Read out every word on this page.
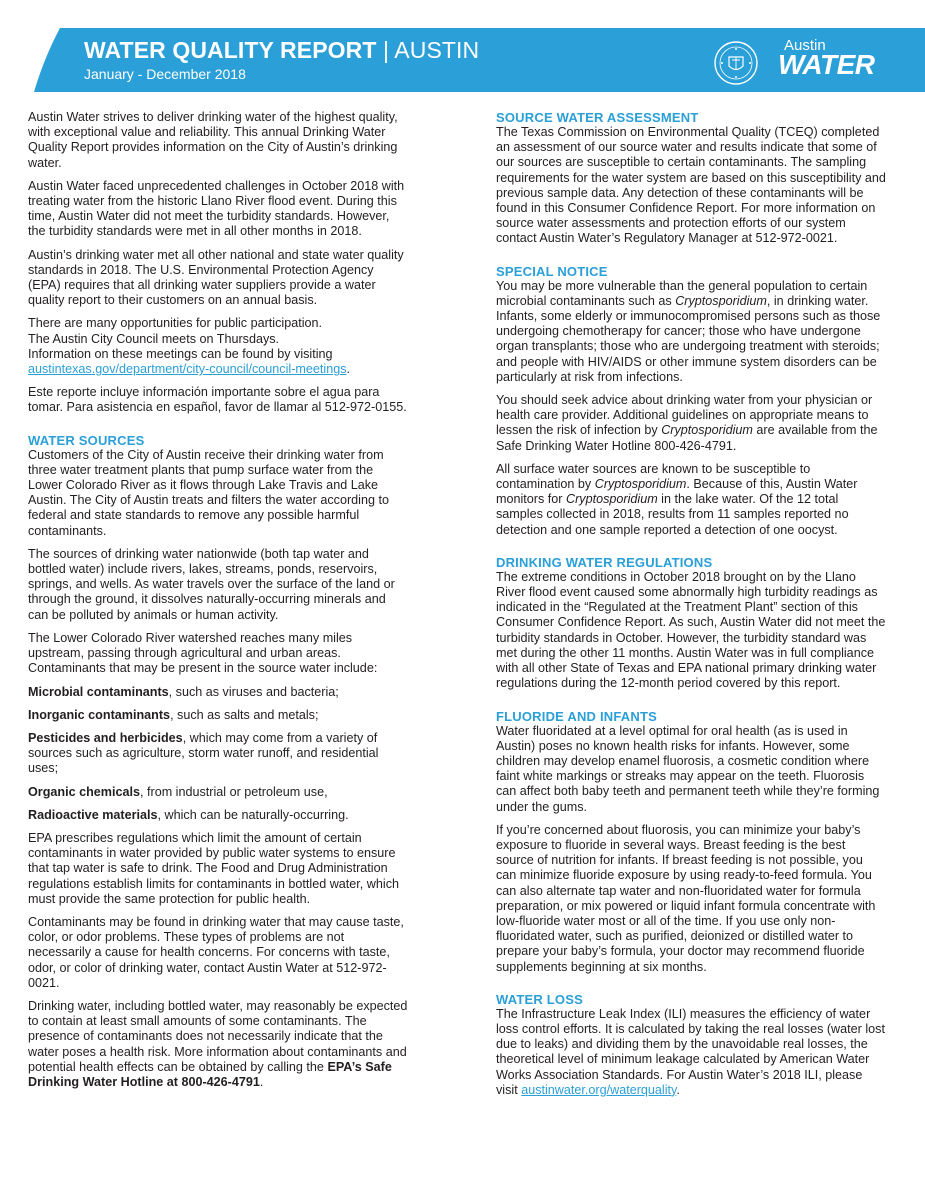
WATER QUALITY REPORT | AUSTIN
January - December 2018
Austin
WATER

Austin Water strives to deliver drinking water of the highest quality, with exceptional value and reliability. This annual Drinking Water Quality Report provides information on the City of Austin’s drinking water.

Austin Water faced unprecedented challenges in October 2018 with treating water from the historic Llano River flood event. During this time, Austin Water did not meet the turbidity standards. However, the turbidity standards were met in all other months in 2018.

Austin’s drinking water met all other national and state water quality standards in 2018. The U.S. Environmental Protection Agency (EPA) requires that all drinking water suppliers provide a water quality report to their customers on an annual basis.

There are many opportunities for public participation.
The Austin City Council meets on Thursdays.
Information on these meetings can be found by visiting
austintexas.gov/department/city-council/council-meetings.

Este reporte incluye información importante sobre el agua para tomar. Para asistencia en español, favor de llamar al 512-972-0155.

WATER SOURCES

Customers of the City of Austin receive their drinking water from three water treatment plants that pump surface water from the Lower Colorado River as it flows through Lake Travis and Lake Austin. The City of Austin treats and filters the water according to federal and state standards to remove any possible harmful contaminants.

The sources of drinking water nationwide (both tap water and bottled water) include rivers, lakes, streams, ponds, reservoirs, springs, and wells. As water travels over the surface of the land or through the ground, it dissolves naturally-occurring minerals and can be polluted by animals or human activity.

The Lower Colorado River watershed reaches many miles upstream, passing through agricultural and urban areas. Contaminants that may be present in the source water include:

Microbial contaminants, such as viruses and bacteria;

Inorganic contaminants, such as salts and metals;

Pesticides and herbicides, which may come from a variety of sources such as agriculture, storm water runoff, and residential uses;

Organic chemicals, from industrial or petroleum use,

Radioactive materials, which can be naturally-occurring.

EPA prescribes regulations which limit the amount of certain contaminants in water provided by public water systems to ensure that tap water is safe to drink. The Food and Drug Administration regulations establish limits for contaminants in bottled water, which must provide the same protection for public health.

Contaminants may be found in drinking water that may cause taste, color, or odor problems. These types of problems are not necessarily a cause for health concerns. For concerns with taste, odor, or color of drinking water, contact Austin Water at 512-972-0021.

Drinking water, including bottled water, may reasonably be expected to contain at least small amounts of some contaminants. The presence of contaminants does not necessarily indicate that the water poses a health risk. More information about contaminants and potential health effects can be obtained by calling the EPA’s Safe Drinking Water Hotline at 800-426-4791.

SOURCE WATER ASSESSMENT

The Texas Commission on Environmental Quality (TCEQ) completed an assessment of our source water and results indicate that some of our sources are susceptible to certain contaminants. The sampling requirements for the water system are based on this susceptibility and previous sample data. Any detection of these contaminants will be found in this Consumer Confidence Report. For more information on source water assessments and protection efforts of our system contact Austin Water’s Regulatory Manager at 512-972-0021.

SPECIAL NOTICE

You may be more vulnerable than the general population to certain microbial contaminants such as Cryptosporidium, in drinking water. Infants, some elderly or immunocompromised persons such as those undergoing chemotherapy for cancer; those who have undergone organ transplants; those who are undergoing treatment with steroids; and people with HIV/AIDS or other immune system disorders can be particularly at risk from infections.

You should seek advice about drinking water from your physician or health care provider. Additional guidelines on appropriate means to lessen the risk of infection by Cryptosporidium are available from the Safe Drinking Water Hotline 800-426-4791.

All surface water sources are known to be susceptible to contamination by Cryptosporidium. Because of this, Austin Water monitors for Cryptosporidium in the lake water. Of the 12 total samples collected in 2018, results from 11 samples reported no detection and one sample reported a detection of one oocyst.

DRINKING WATER REGULATIONS

The extreme conditions in October 2018 brought on by the Llano River flood event caused some abnormally high turbidity readings as indicated in the “Regulated at the Treatment Plant” section of this Consumer Confidence Report. As such, Austin Water did not meet the turbidity standards in October. However, the turbidity standard was met during the other 11 months. Austin Water was in full compliance with all other State of Texas and EPA national primary drinking water regulations during the 12-month period covered by this report.

FLUORIDE AND INFANTS

Water fluoridated at a level optimal for oral health (as is used in Austin) poses no known health risks for infants. However, some children may develop enamel fluorosis, a cosmetic condition where faint white markings or streaks may appear on the teeth. Fluorosis can affect both baby teeth and permanent teeth while they’re forming under the gums.

If you’re concerned about fluorosis, you can minimize your baby’s exposure to fluoride in several ways. Breast feeding is the best source of nutrition for infants. If breast feeding is not possible, you can minimize fluoride exposure by using ready-to-feed formula. You can also alternate tap water and non-fluoridated water for formula preparation, or mix powered or liquid infant formula concentrate with low-fluoride water most or all of the time. If you use only non-fluoridated water, such as purified, deionized or distilled water to prepare your baby’s formula, your doctor may recommend fluoride supplements beginning at six months.

WATER LOSS

The Infrastructure Leak Index (ILI) measures the efficiency of water loss control efforts. It is calculated by taking the real losses (water lost due to leaks) and dividing them by the unavoidable real losses, the theoretical level of minimum leakage calculated by American Water Works Association Standards. For Austin Water’s 2018 ILI, please visit austinwater.org/waterquality.
